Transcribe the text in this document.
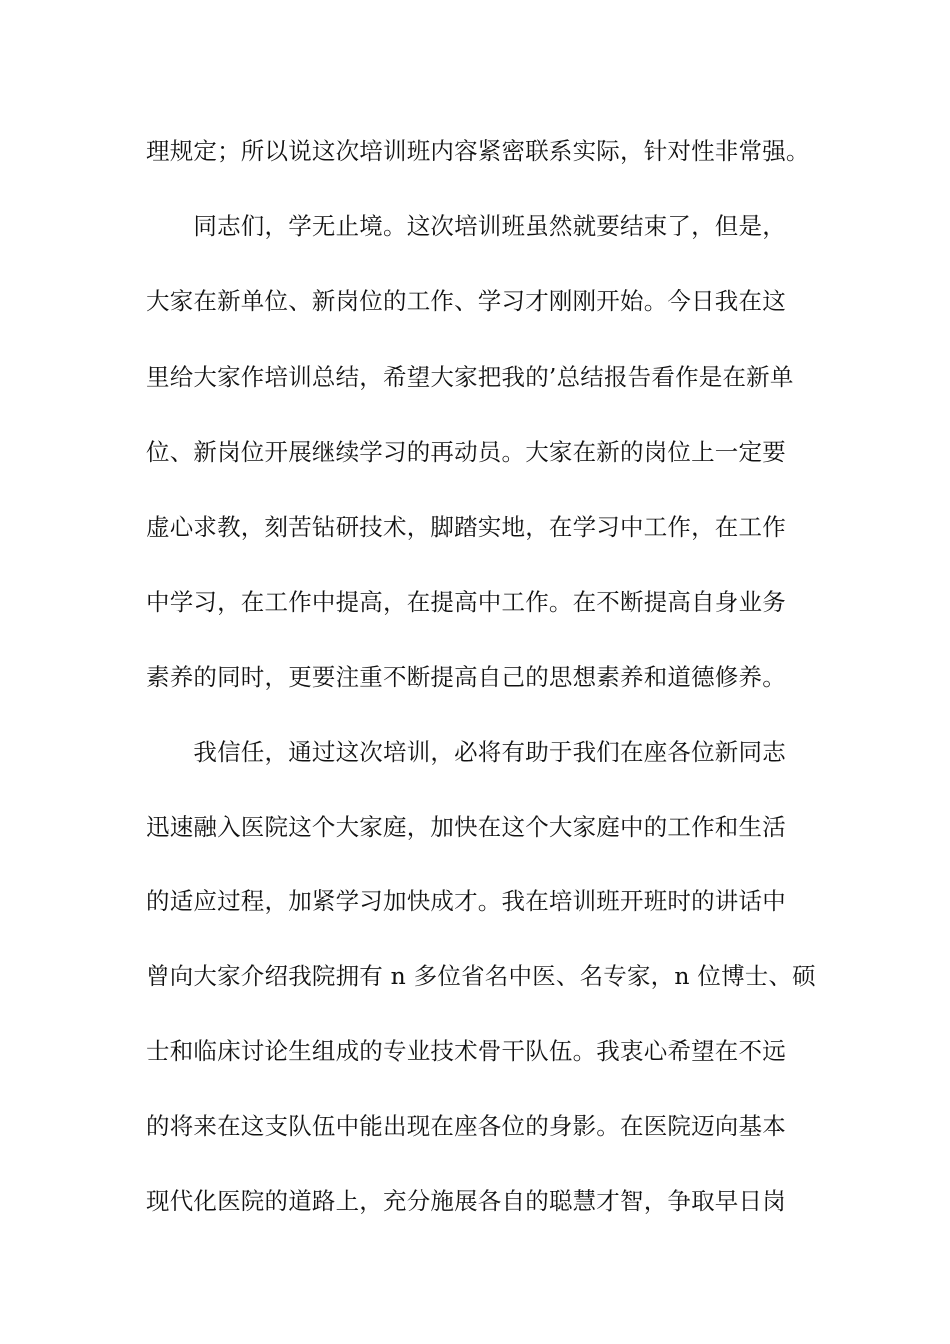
理规定；所以说这次培训班内容紧密联系实际，针对性非常强。
　　同志们，学无止境。这次培训班虽然就要结束了，但是，
大家在新单位、新岗位的工作、学习才刚刚开始。今日我在这
里给大家作培训总结，希望大家把我的’总结报告看作是在新单
位、新岗位开展继续学习的再动员。大家在新的岗位上一定要
虚心求教，刻苦钻研技术，脚踏实地，在学习中工作，在工作
中学习，在工作中提高，在提高中工作。在不断提高自身业务
素养的同时，更要注重不断提高自己的思想素养和道德修养。
　　我信任，通过这次培训，必将有助于我们在座各位新同志
迅速融入医院这个大家庭，加快在这个大家庭中的工作和生活
的适应过程，加紧学习加快成才。我在培训班开班时的讲话中
曾向大家介绍我院拥有 n 多位省名中医、名专家，n 位博士、硕
士和临床讨论生组成的专业技术骨干队伍。我衷心希望在不远
的将来在这支队伍中能出现在座各位的身影。在医院迈向基本
现代化医院的道路上，充分施展各自的聪慧才智，争取早日岗
